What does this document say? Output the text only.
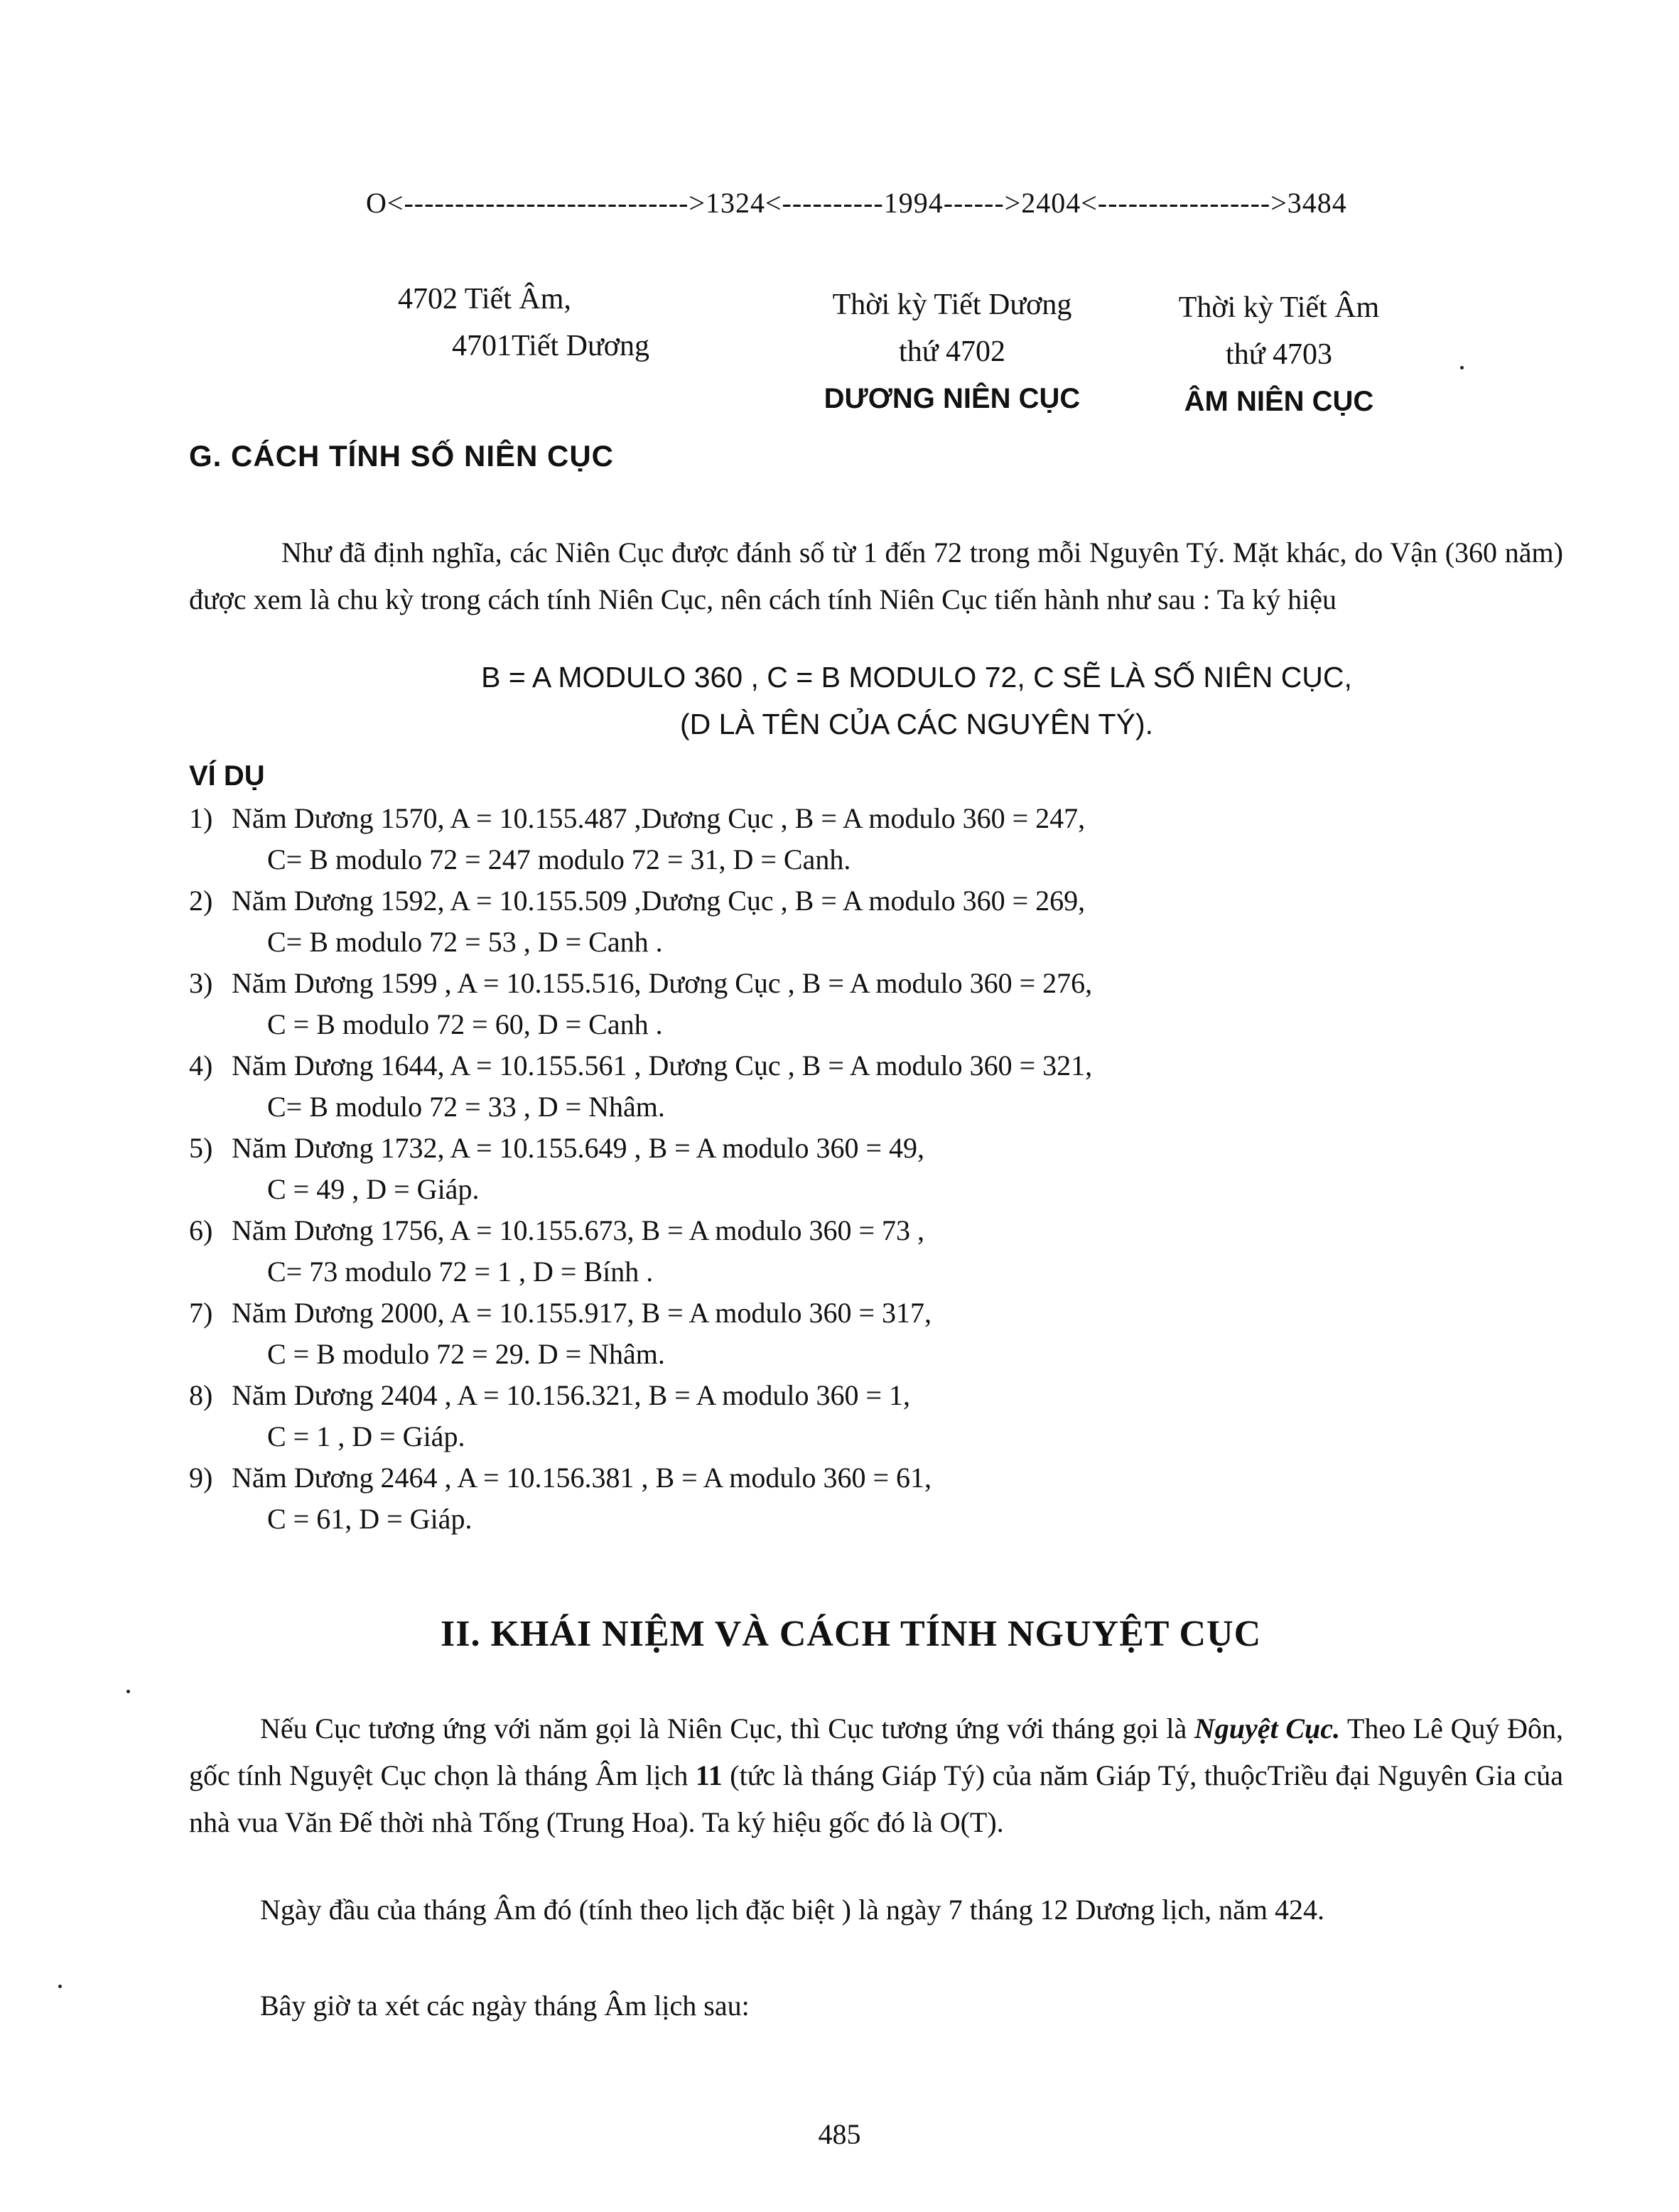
O<---------------------------->1324<----------1994------>2404<----------------->3484
4702 Tiết Âm,
4701Tiết Dương
Thời kỳ Tiết Dương
thứ 4702
DƯƠNG NIÊN CỤC
Thời kỳ Tiết Âm
thứ 4703
ÂM NIÊN CỤC
G. CÁCH TÍNH SỐ NIÊN CỤC
Như đã định nghĩa, các Niên Cục được đánh số từ 1 đến 72 trong mỗi Nguyên Tý. Mặt khác, do Vận (360 năm) được xem là chu kỳ trong cách tính Niên Cục, nên cách tính Niên Cục tiến hành như sau : Ta ký hiệu
B = A MODULO 360 , C = B MODULO 72, C SẼ LÀ SỐ NIÊN CỤC,
(D LÀ TÊN CỦA CÁC NGUYÊN TÝ).
VÍ DỤ
1) Năm Dương 1570, A = 10.155.487 ,Dương Cục , B = A modulo 360 = 247,
C= B modulo 72 = 247 modulo 72 = 31, D = Canh.
2) Năm Dương 1592, A = 10.155.509 ,Dương Cục , B = A modulo 360 = 269,
C= B modulo 72 = 53 , D = Canh .
3) Năm Dương 1599 , A = 10.155.516, Dương Cục , B = A modulo 360 = 276,
C = B modulo 72 = 60, D = Canh .
4) Năm Dương 1644, A = 10.155.561 , Dương Cục , B = A modulo 360 = 321,
C= B modulo 72 = 33 , D = Nhâm.
5) Năm Dương 1732, A = 10.155.649 , B = A modulo 360 = 49,
C = 49 , D = Giáp.
6) Năm Dương 1756, A = 10.155.673, B = A modulo 360 = 73 ,
C= 73 modulo 72 = 1 , D = Bính .
7) Năm Dương 2000, A = 10.155.917, B = A modulo 360 = 317,
C = B modulo 72 = 29. D = Nhâm.
8) Năm Dương 2404 , A = 10.156.321, B = A modulo 360 = 1,
C = 1 , D = Giáp.
9) Năm Dương 2464 , A = 10.156.381 , B = A modulo 360 = 61,
C = 61, D = Giáp.
II. KHÁI NIỆM VÀ CÁCH TÍNH NGUYỆT CỤC
Nếu Cục tương ứng với năm gọi là Niên Cục, thì Cục tương ứng với tháng gọi là Nguyệt Cục. Theo Lê Quý Đôn, gốc tính Nguyệt Cục chọn là tháng Âm lịch 11 (tức là tháng Giáp Tý) của năm Giáp Tý, thuộcTriều đại Nguyên Gia của nhà vua Văn Đế thời nhà Tống (Trung Hoa). Ta ký hiệu gốc đó là O(T).
Ngày đầu của tháng Âm đó (tính theo lịch đặc biệt ) là ngày 7 tháng 12 Dương lịch, năm 424.
Bây giờ ta xét các ngày tháng Âm lịch sau:
485
